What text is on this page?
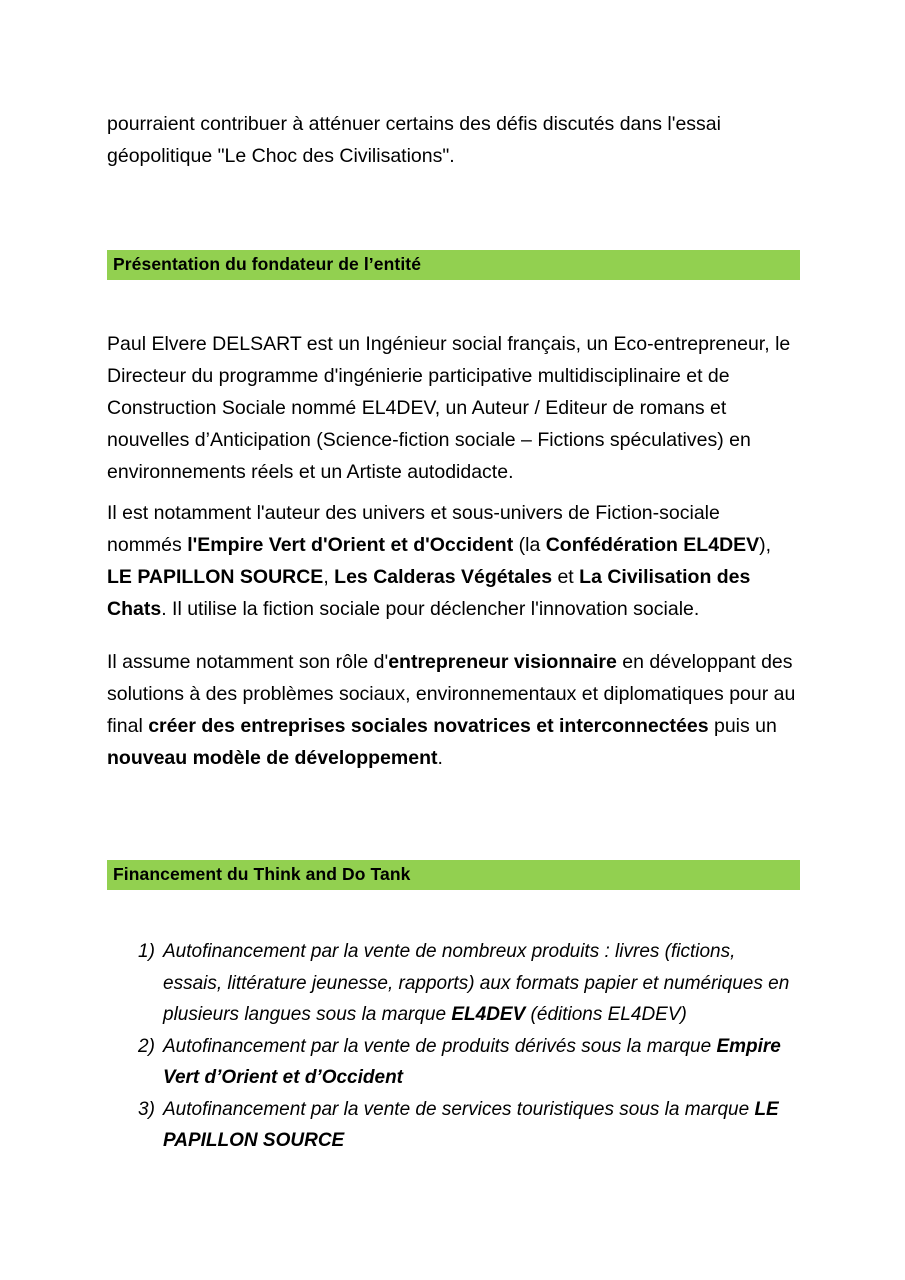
pourraient contribuer à atténuer certains des défis discutés dans l'essai géopolitique "Le Choc des Civilisations".

Présentation du fondateur de l’entité

Paul Elvere DELSART est un Ingénieur social français, un Eco-entrepreneur, le Directeur du programme d'ingénierie participative multidisciplinaire et de Construction Sociale nommé EL4DEV, un Auteur / Editeur de romans et nouvelles d’Anticipation (Science-fiction sociale – Fictions spéculatives) en environnements réels et un Artiste autodidacte.

Il est notamment l'auteur des univers et sous-univers de Fiction-sociale nommés l'Empire Vert d'Orient et d'Occident (la Confédération EL4DEV), LE PAPILLON SOURCE, Les Calderas Végétales et La Civilisation des Chats. Il utilise la fiction sociale pour déclencher l'innovation sociale.

Il assume notamment son rôle d'entrepreneur visionnaire en développant des solutions à des problèmes sociaux, environnementaux et diplomatiques pour au final créer des entreprises sociales novatrices et interconnectées puis un nouveau modèle de développement.

Financement du Think and Do Tank
1) Autofinancement par la vente de nombreux produits : livres (fictions, essais, littérature jeunesse, rapports) aux formats papier et numériques en plusieurs langues sous la marque EL4DEV (éditions EL4DEV)
2) Autofinancement par la vente de produits dérivés sous la marque Empire Vert d’Orient et d’Occident
3) Autofinancement par la vente de services touristiques sous la marque LE PAPILLON SOURCE
